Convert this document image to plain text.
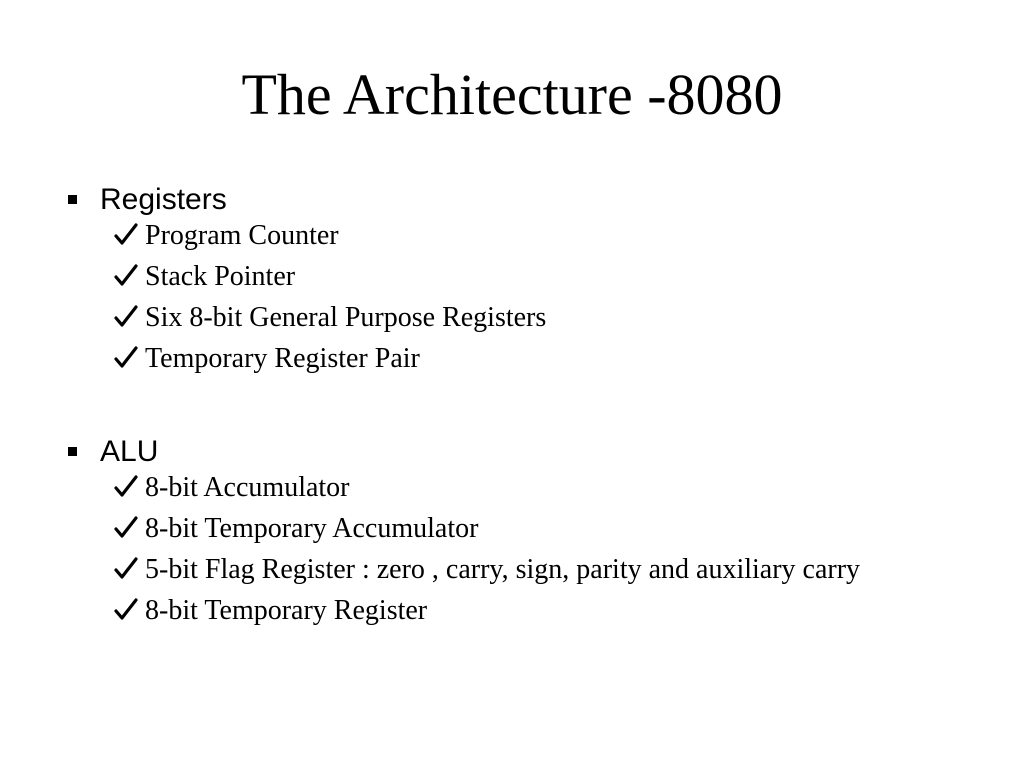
The Architecture -8080
Registers
Program Counter
Stack Pointer
Six 8-bit General Purpose Registers
Temporary Register Pair
ALU
8-bit Accumulator
8-bit Temporary Accumulator
5-bit Flag Register : zero , carry, sign, parity and auxiliary carry
8-bit Temporary Register
